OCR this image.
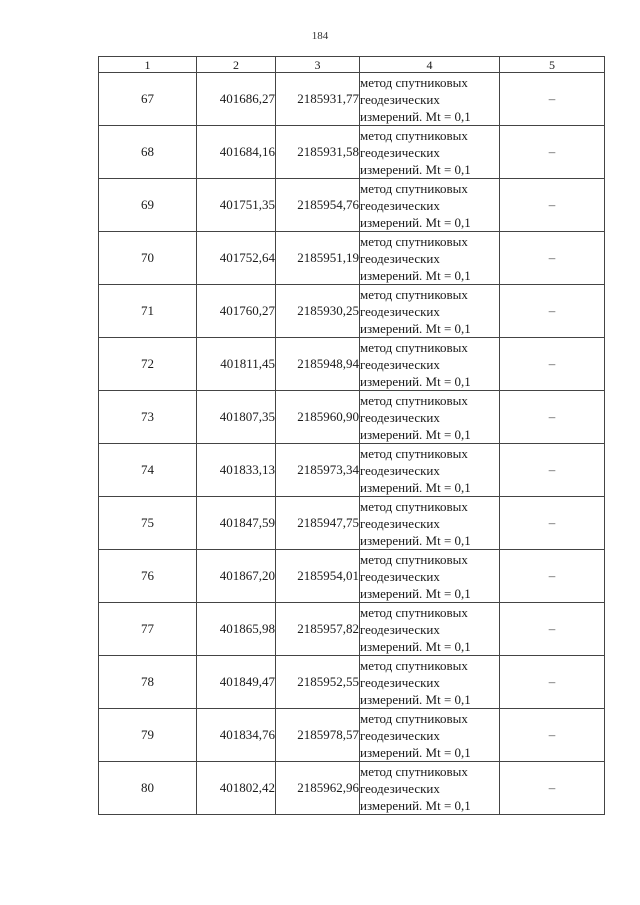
184
1	2	3	4	5
67	401686,27	2185931,77	метод спутниковых
геодезических
измерений. Mt = 0,1	–
68	401684,16	2185931,58	метод спутниковых
геодезических
измерений. Mt = 0,1	–
69	401751,35	2185954,76	метод спутниковых
геодезических
измерений. Mt = 0,1	–
70	401752,64	2185951,19	метод спутниковых
геодезических
измерений. Mt = 0,1	–
71	401760,27	2185930,25	метод спутниковых
геодезических
измерений. Mt = 0,1	–
72	401811,45	2185948,94	метод спутниковых
геодезических
измерений. Mt = 0,1	–
73	401807,35	2185960,90	метод спутниковых
геодезических
измерений. Mt = 0,1	–
74	401833,13	2185973,34	метод спутниковых
геодезических
измерений. Mt = 0,1	–
75	401847,59	2185947,75	метод спутниковых
геодезических
измерений. Mt = 0,1	–
76	401867,20	2185954,01	метод спутниковых
геодезических
измерений. Mt = 0,1	–
77	401865,98	2185957,82	метод спутниковых
геодезических
измерений. Mt = 0,1	–
78	401849,47	2185952,55	метод спутниковых
геодезических
измерений. Mt = 0,1	–
79	401834,76	2185978,57	метод спутниковых
геодезических
измерений. Mt = 0,1	–
80	401802,42	2185962,96	метод спутниковых
геодезических
измерений. Mt = 0,1	–
